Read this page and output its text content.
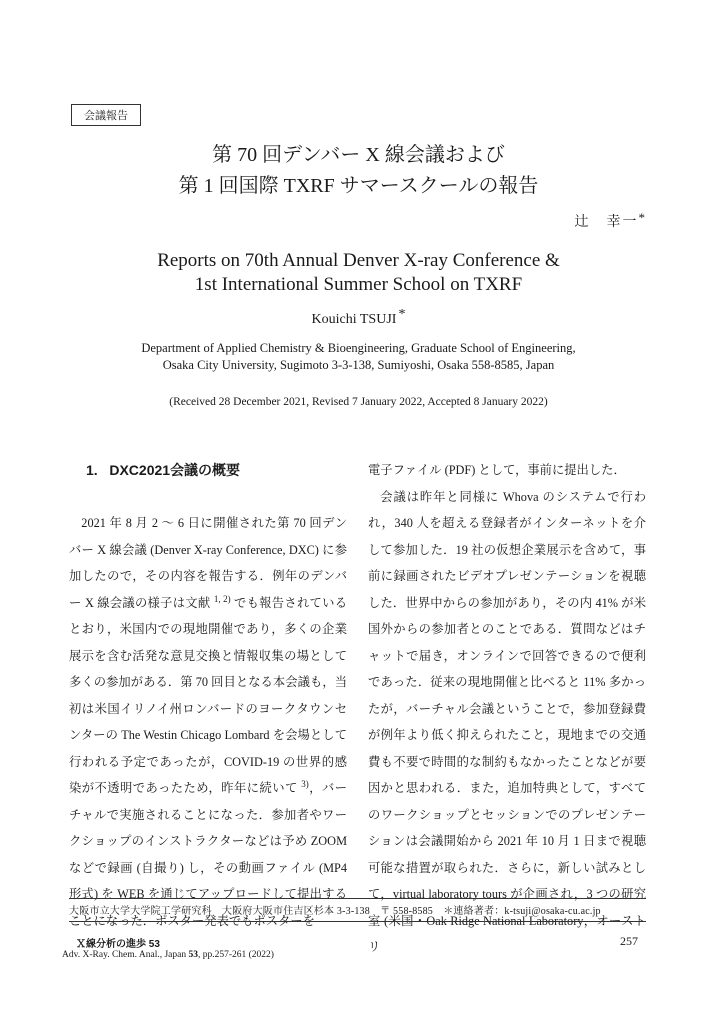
会議報告
第 70 回デンバー X 線会議および
第 1 回国際 TXRF サマースクールの報告
辻　幸一*
Reports on 70th Annual Denver X-ray Conference &
1st International Summer School on TXRF
Kouichi TSUJI *
Department of Applied Chemistry & Bioengineering, Graduate School of Engineering,
Osaka City University, Sugimoto 3-3-138, Sumiyoshi, Osaka 558-8585, Japan
(Received 28 December 2021, Revised 7 January 2022, Accepted 8 January 2022)
1. DXC2021会議の概要

2021 年 8 月 2 〜 6 日に開催された第 70 回デンバー X 線会議 (Denver X-ray Conference, DXC) に参加したので，その内容を報告する．例年のデンバー X 線会議の様子は文献 $^{1, 2)}$ でも報告されているとおり，米国内での現地開催であり，多くの企業展示を含む活発な意見交換と情報収集の場として多くの参加がある．第 70 回目となる本会議も，当初は米国イリノイ州ロンバードのヨークタウンセンターの The Westin Chicago Lombard を会場として行われる予定であったが，COVID-19 の世界的感染が不透明であったため，昨年に続いて $^{3)}$，バーチャルで実施されることになった．参加者やワークショップのインストラクターなどは予め ZOOM などで録画 (自撮り) し，その動画ファイル (MP4 形式) を WEB を通じてアップロードして提出することになった．ポスター発表でもポスターを

電子ファイル (PDF) として，事前に提出した．

会議は昨年と同様に Whova のシステムで行われ，340 人を超える登録者がインターネットを介して参加した．19 社の仮想企業展示を含めて，事前に録画されたビデオプレゼンテーションを視聴した．世界中からの参加があり，その内 41% が米国外からの参加者とのことである．質問などはチャットで届き，オンラインで回答できるので便利であった．従来の現地開催と比べると 11% 多かったが，バーチャル会議ということで，参加登録費が例年より低く抑えられたこと，現地までの交通費も不要で時間的な制約もなかったことなどが要因かと思われる．また，追加特典として，すべてのワークショップとセッションでのプレゼンテーションは会議開始から 2021 年 10 月 1 日まで視聴可能な措置が取られた．さらに，新しい試みとして，virtual laboratory tours が企画され，3 つの研究室 (米国・Oak Ridge National Laboratory，オーストリ

大阪市立大学大学院工学研究科　大阪府大阪市住吉区杉本 3-3-138　〒 558-8585　＊連絡著者：k-tsuji@osaka-cu.ac.jp
Ｘ線分析の進歩 53
Adv. X-Ray. Chem. Anal., Japan 53, pp.257-261 (2022)
257
